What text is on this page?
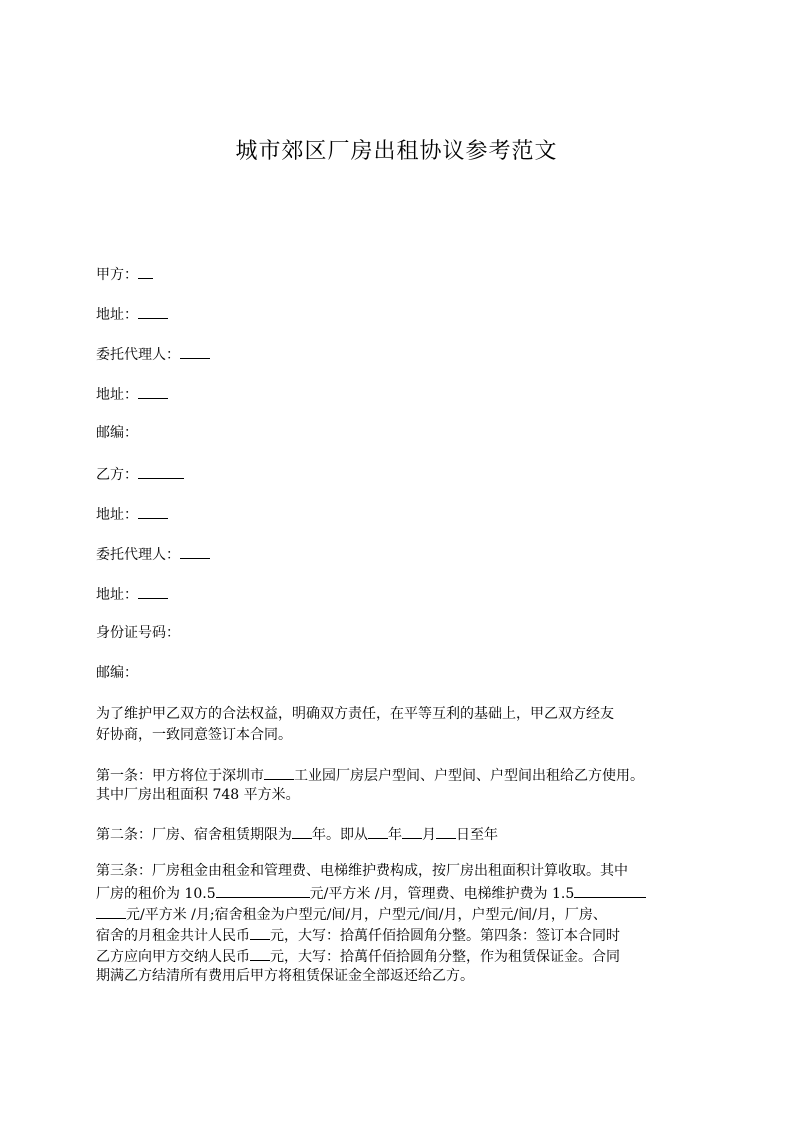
城市郊区厂房出租协议参考范文
甲方：
地址：
委托代理人：
地址：
邮编：
乙方：
地址：
委托代理人：
地址：
身份证号码：
邮编：
为了维护甲乙双方的合法权益，明确双方责任，在平等互利的基础上，甲乙双方经友
好协商，一致同意签订本合同。
第一条：甲方将位于深圳市 工业园厂房层户型间、户型间、户型间出租给乙方使用。
其中厂房出租面积 748 平方米。
第二条：厂房、宿舍租赁期限为 年。即从 年 月 日至年
第三条：厂房租金由租金和管理费、电梯维护费构成，按厂房出租面积计算收取。其中
厂房的租价为 10.5	元/平方米 /月，管理费、电梯维护费为 1.5
元/平方米 /月;宿舍租金为户型元/间/月，户型元/间/月，户型元/间/月，厂房、
宿舍的月租金共计人民币 元，大写：拾萬仟佰拾圆角分整。第四条：签订本合同时
乙方应向甲方交纳人民币 元，大写：拾萬仟佰拾圆角分整，作为租赁保证金。合同
期满乙方结清所有费用后甲方将租赁保证金全部返还给乙方。
